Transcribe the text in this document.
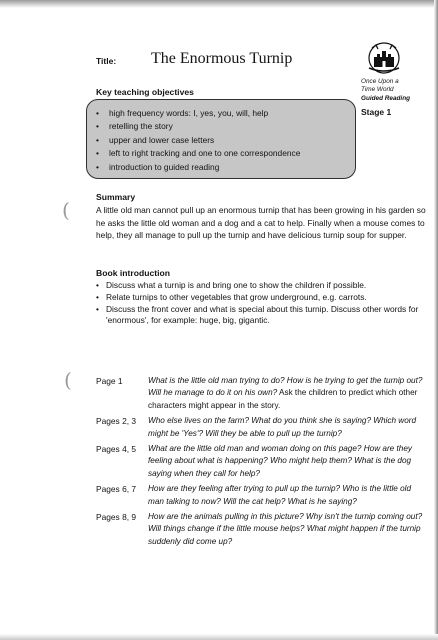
(
(
Title: The Enormous Turnip
Once Upon a
Time World
Guided Reading
Stage 1
Key teaching objectives
• high frequency words: I, yes, you, will, help
• retelling the story
• upper and lower case letters
• left to right tracking and one to one correspondence
• introduction to guided reading
Summary

A little old man cannot pull up an enormous turnip that has been growing in his garden so he asks the little old woman and a dog and a cat to help. Finally when a mouse comes to help, they all manage to pull up the turnip and have delicious turnip soup for supper.

Book introduction
• Discuss what a turnip is and bring one to show the children if possible.
• Relate turnips to other vegetables that grow underground, e.g. carrots.
• Discuss the front cover and what is special about this turnip. Discuss other words for 'enormous', for example: huge, big, gigantic.
Page 1	What is the little old man trying to do? How is he trying to get the turnip out? Will he manage to do it on his own? Ask the children to predict which other characters might appear in the story.
Pages 2, 3	Who else lives on the farm? What do you think she is saying? Which word might be 'Yes'? Will they be able to pull up the turnip?
Pages 4, 5	What are the little old man and woman doing on this page? How are they feeling about what is happening? Who might help them? What is the dog saying when they call for help?
Pages 6, 7	How are they feeling after trying to pull up the turnip? Who is the little old man talking to now? Will the cat help? What is he saying?
Pages 8, 9	How are the animals pulling in this picture? Why isn't the turnip coming out? Will things change if the little mouse helps? What might happen if the turnip suddenly did come up?
